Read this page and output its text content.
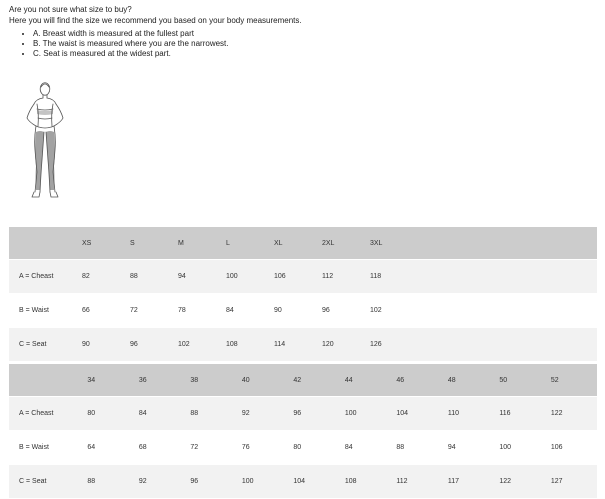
Are you not sure what size to buy?

Here you will find the size we recommend you based on your body measurements.

• A. Breast width is measured at the fullest part
• B. The waist is measured where you are the narrowest.
• C. Seat is measured at the widest part.
	XS	S	M	L	XL	2XL	3XL	

A = Cheast	82	88	94	100	106	112	118	

B = Waist	66	72	78	84	90	96	102	

C = Seat	90	96	102	108	114	120	126	
	34	36	38	40	42	44	46	48	50	52

A = Cheast	80	84	88	92	96	100	104	110	116	122

B = Waist	64	68	72	76	80	84	88	94	100	106

C = Seat	88	92	96	100	104	108	112	117	122	127
